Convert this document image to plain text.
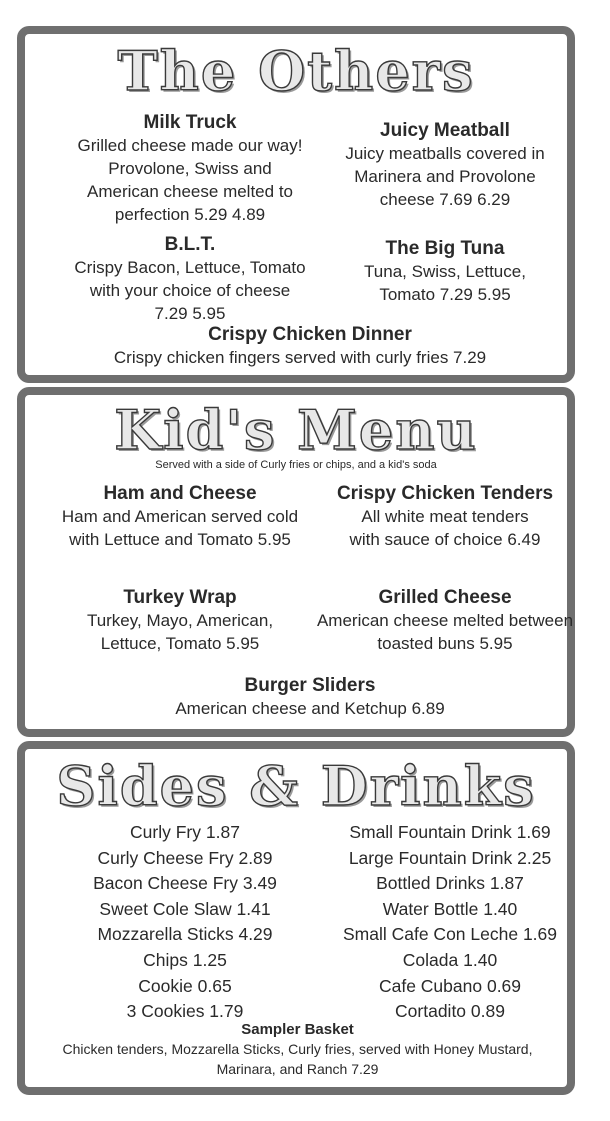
The Others
Milk Truck
Grilled cheese made our way!
Provolone, Swiss and
American cheese melted to
perfection 5.29 4.89
Juicy Meatball
Juicy meatballs covered in
Marinera and Provolone
cheese 7.69 6.29
B.L.T.
Crispy Bacon, Lettuce, Tomato
with your choice of cheese
7.29 5.95
The Big Tuna
Tuna, Swiss, Lettuce,
Tomato 7.29 5.95
Crispy Chicken Dinner
Crispy chicken fingers served with curly fries 7.29
Kid's Menu
Served with a side of Curly fries or chips, and a kid's soda
Ham and Cheese
Ham and American served cold
with Lettuce and Tomato 5.95
Crispy Chicken Tenders
All white meat tenders
with sauce of choice 6.49
Turkey Wrap
Turkey, Mayo, American,
Lettuce, Tomato 5.95
Grilled Cheese
American cheese melted between
toasted buns 5.95
Burger Sliders
American cheese and Ketchup 6.89
Sides & Drinks
Curly Fry 1.87
Curly Cheese Fry 2.89
Bacon Cheese Fry 3.49
Sweet Cole Slaw 1.41
Mozzarella Sticks 4.29
Chips 1.25
Cookie 0.65
3 Cookies 1.79
Small Fountain Drink 1.69
Large Fountain Drink 2.25
Bottled Drinks 1.87
Water Bottle 1.40
Small Cafe Con Leche 1.69
Colada 1.40
Cafe Cubano 0.69
Cortadito 0.89
Sampler Basket
Chicken tenders, Mozzarella Sticks, Curly fries, served with Honey Mustard,
Marinara, and Ranch 7.29
